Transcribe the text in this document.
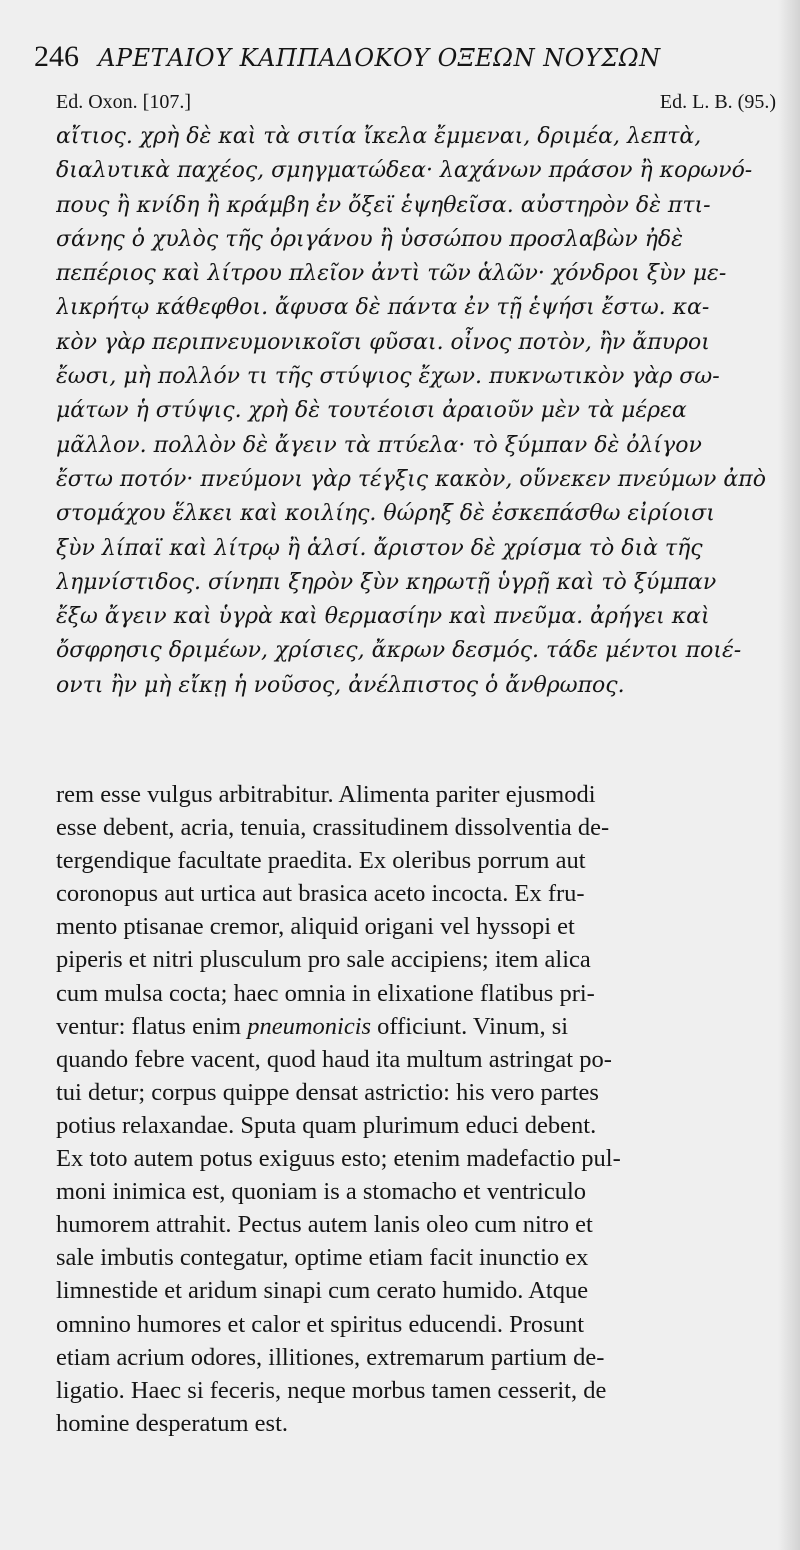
246 ΑΡΕΤΑΙΟΥ ΚΑΠΠΑΔΟΚΟΥ ΟΞΕΩΝ ΝΟΥΣΩΝ
Ed. Oxon. [107.]	Ed. L. B. (95.)
αἴτιος. χρὴ δὲ καὶ τὰ σιτία ἴκελα ἔμμεναι, δριμέα, λεπτὰ,
διαλυτικὰ παχέος, σμηγματώδεα· λαχάνων πράσον ἢ κορωνό-
πους ἢ κνίδη ἢ κράμβη ἐν ὄξεϊ ἑψηθεῖσα. αὐστηρὸν δὲ πτι-
σάνης ὁ χυλὸς τῆς ὀριγάνου ἢ ὑσσώπου προσλαβὼν ἠδὲ
πεπέριος καὶ λίτρου πλεῖον ἀντὶ τῶν ἁλῶν· χόνδροι ξὺν με-
λικρήτῳ κάθεφθοι. ἄφυσα δὲ πάντα ἐν τῇ ἑψήσι ἔστω. κα-
κὸν γὰρ περιπνευμονικοῖσι φῦσαι. οἶνος ποτὸν, ἢν ἄπυροι
ἔωσι, μὴ πολλόν τι τῆς στύψιος ἔχων. πυκνωτικὸν γὰρ σω-
μάτων ἡ στύψις. χρὴ δὲ τουτέοισι ἀραιοῦν μὲν τὰ μέρεα
μᾶλλον. πολλὸν δὲ ἄγειν τὰ πτύελα· τὸ ξύμπαν δὲ ὀλίγον
ἔστω ποτόν· πνεύμονι γὰρ τέγξις κακὸν, οὕνεκεν πνεύμων ἀπὸ
στομάχου ἕλκει καὶ κοιλίης. θώρηξ δὲ ἐσκεπάσθω εἰρίοισι
ξὺν λίπαϊ καὶ λίτρῳ ἢ ἁλσί. ἄριστον δὲ χρίσμα τὸ διὰ τῆς
λημνίστιδος. σίνηπι ξηρὸν ξὺν κηρωτῇ ὑγρῇ καὶ τὸ ξύμπαν
ἔξω ἄγειν καὶ ὑγρὰ καὶ θερμασίην καὶ πνεῦμα. ἀρήγει καὶ
ὄσφρησις δριμέων, χρίσιες, ἄκρων δεσμός. τάδε μέντοι ποιέ-
οντι ἢν μὴ εἴκῃ ἡ νοῦσος, ἀνέλπιστος ὁ ἄνθρωπος.
rem esse vulgus arbitrabitur. Alimenta pariter ejusmodi
esse debent, acria, tenuia, crassitudinem dissolventia de-
tergendique facultate praedita. Ex oleribus porrum aut
coronopus aut urtica aut brasica aceto incocta. Ex fru-
mento ptisanae cremor, aliquid origani vel hyssopi et
piperis et nitri plusculum pro sale accipiens; item alica
cum mulsa cocta; haec omnia in elixatione flatibus pri-
ventur: flatus enim pneumonicis officiunt. Vinum, si
quando febre vacent, quod haud ita multum astringat po-
tui detur; corpus quippe densat astrictio: his vero partes
potius relaxandae. Sputa quam plurimum educi debent.
Ex toto autem potus exiguus esto; etenim madefactio pul-
moni inimica est, quoniam is a stomacho et ventriculo
humorem attrahit. Pectus autem lanis oleo cum nitro et
sale imbutis contegatur, optime etiam facit inunctio ex
limnestide et aridum sinapi cum cerato humido. Atque
omnino humores et calor et spiritus educendi. Prosunt
etiam acrium odores, illitiones, extremarum partium de-
ligatio. Haec si feceris, neque morbus tamen cesserit, de
homine desperatum est.
